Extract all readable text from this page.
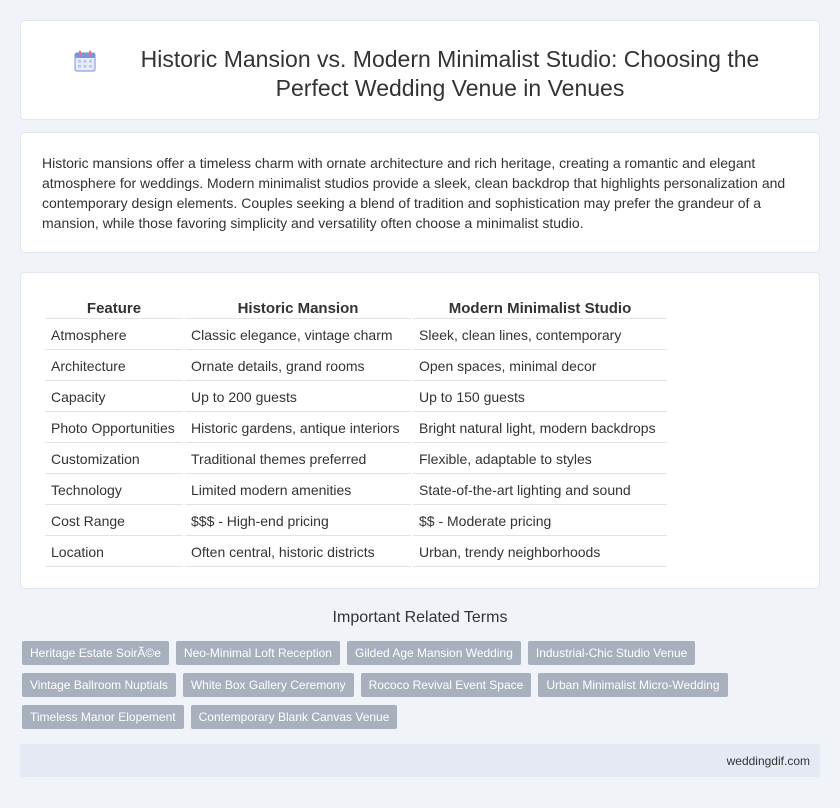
Historic Mansion vs. Modern Minimalist Studio: Choosing the Perfect Wedding Venue in Venues

Historic mansions offer a timeless charm with ornate architecture and rich heritage, creating a romantic and elegant atmosphere for weddings. Modern minimalist studios provide a sleek, clean backdrop that highlights personalization and contemporary design elements. Couples seeking a blend of tradition and sophistication may prefer the grandeur of a mansion, while those favoring simplicity and versatility often choose a minimalist studio.

Feature	Historic Mansion	Modern Minimalist Studio
Atmosphere	Classic elegance, vintage charm	Sleek, clean lines, contemporary
Architecture	Ornate details, grand rooms	Open spaces, minimal decor
Capacity	Up to 200 guests	Up to 150 guests
Photo Opportunities	Historic gardens, antique interiors	Bright natural light, modern backdrops
Customization	Traditional themes preferred	Flexible, adaptable to styles
Technology	Limited modern amenities	State-of-the-art lighting and sound
Cost Range	$$$ - High-end pricing	$$ - Moderate pricing
Location	Often central, historic districts	Urban, trendy neighborhoods
Important Related Terms
Heritage Estate SoirÃ©e	Neo-Minimal Loft Reception	Gilded Age Mansion Wedding	Industrial-Chic Studio Venue
Vintage Ballroom Nuptials	White Box Gallery Ceremony	Rococo Revival Event Space	Urban Minimalist Micro-Wedding
Timeless Manor Elopement	Contemporary Blank Canvas Venue
weddingdif.com
